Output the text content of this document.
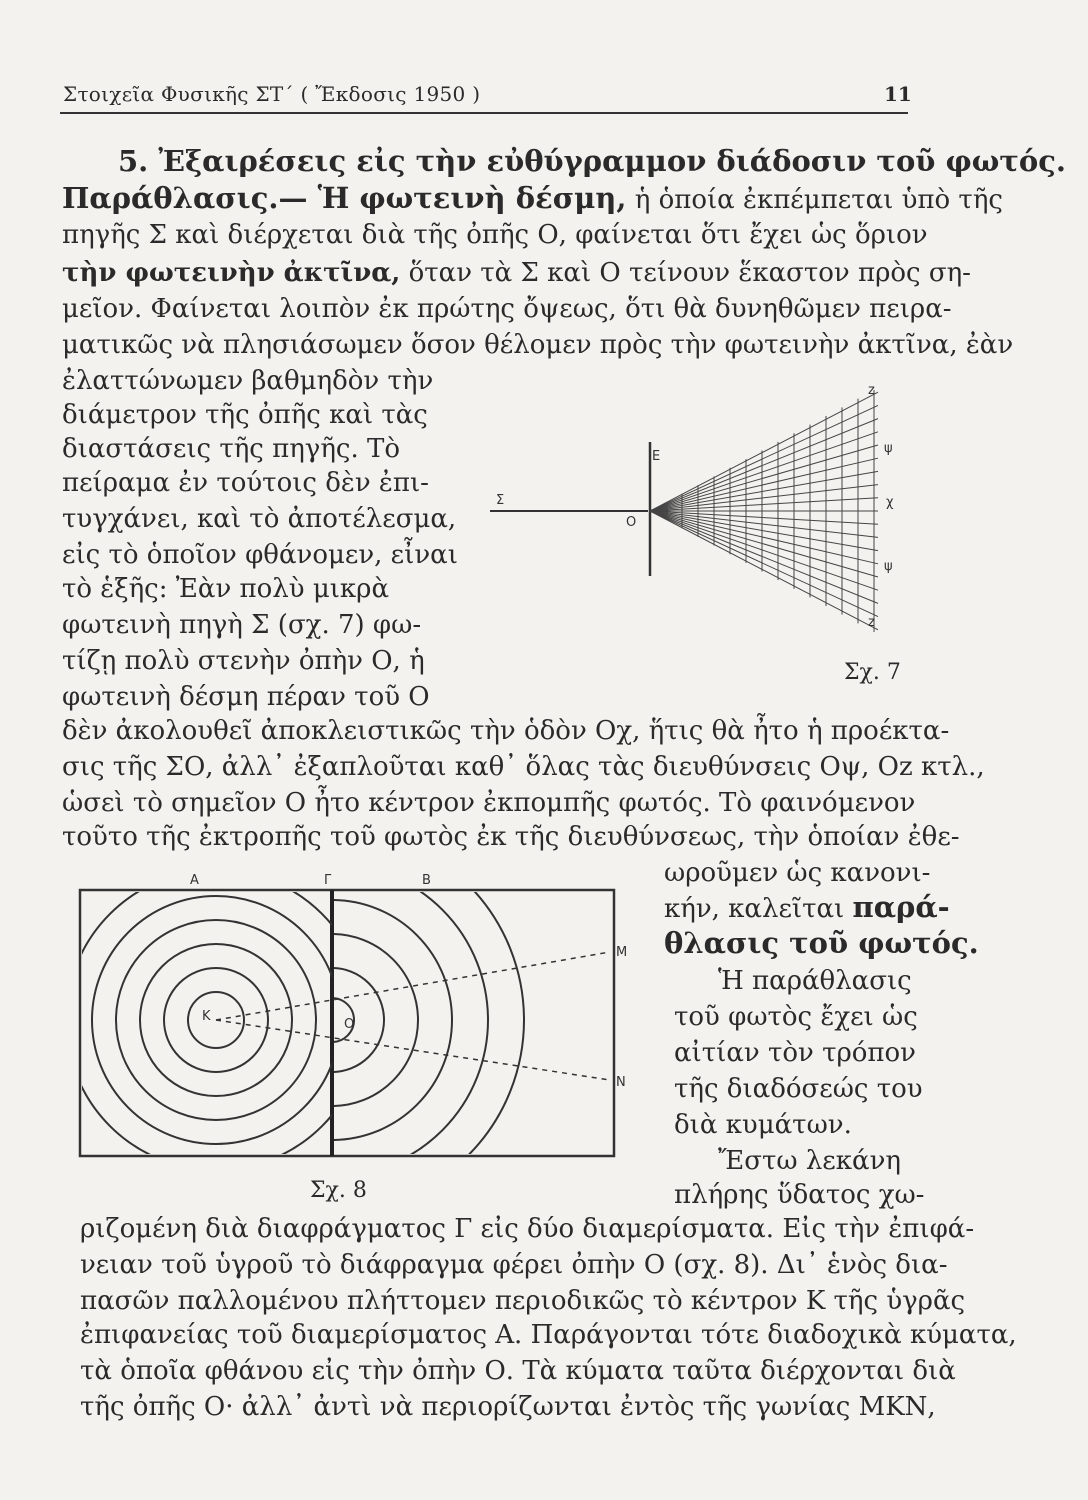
Στοιχεῖα Φυσικῆς ΣΤ΄ ( Ἔκδοσις 1950 )	11
5. Ἐξαιρέσεις εἰς τὴν εὐθύγραμμον διάδοσιν τοῦ φωτός.
Παράθλασις.— Ἡ φωτεινὴ δέσμη, ἡ ὁποία ἐκπέμπεται ὑπὸ τῆς
πηγῆς Σ καὶ διέρχεται διὰ τῆς ὀπῆς Ο, φαίνεται ὅτι ἔχει ὡς ὅριον
τὴν φωτεινὴν ἀκτῖνα, ὅταν τὰ Σ καὶ Ο τείνουν ἕκαστον πρὸς ση-
μεῖον. Φαίνεται λοιπὸν ἐκ πρώτης ὄψεως, ὅτι θὰ δυνηθῶμεν πειρα-
ματικῶς νὰ πλησιάσωμεν ὅσον θέλομεν πρὸς τὴν φωτεινὴν ἀκτῖνα, ἐὰν
ἐλαττώνωμεν βαθμηδὸν τὴν
διάμετρον τῆς ὀπῆς καὶ τὰς
διαστάσεις τῆς πηγῆς. Τὸ
πείραμα ἐν τούτοις δὲν ἐπι-
τυγχάνει, καὶ τὸ ἀποτέλεσμα,
εἰς τὸ ὁποῖον φθάνομεν, εἶναι
τὸ ἑξῆς: Ἐὰν πολὺ μικρὰ
φωτεινὴ πηγὴ Σ (σχ. 7) φω-
τίζῃ πολὺ στενὴν ὀπὴν Ο, ἡ
φωτεινὴ δέσμη πέραν τοῦ Ο
δὲν ἀκολουθεῖ ἀποκλειστικῶς τὴν ὁδὸν Οχ, ἥτις θὰ ἦτο ἡ προέκτα-
σις τῆς ΣΟ, ἀλλ᾿ ἐξαπλοῦται καθ᾿ ὅλας τὰς διευθύνσεις Οψ, Οz κτλ.,
ὡσεὶ τὸ σημεῖον Ο ἦτο κέντρον ἐκπομπῆς φωτός. Τὸ φαινόμενον
τοῦτο τῆς ἐκτροπῆς τοῦ φωτὸς ἐκ τῆς διευθύνσεως, τὴν ὁποίαν ἐθε-
ωροῦμεν ὡς κανονι-
κήν, καλεῖται παρά-
θλασις τοῦ φωτός.
Ἡ παράθλασις
τοῦ φωτὸς ἔχει ὡς
αἰτίαν τὸν τρόπον
τῆς διαδόσεώς του
διὰ κυμάτων.
Ἔστω λεκάνη
πλήρης ὕδατος χω-
ριζομένη διὰ διαφράγματος Γ εἰς δύο διαμερίσματα. Εἰς τὴν ἐπιφά-
νειαν τοῦ ὑγροῦ τὸ διάφραγμα φέρει ὀπὴν Ο (σχ. 8). Δι᾿ ἑνὸς δια-
πασῶν παλλομένου πλήττομεν περιοδικῶς τὸ κέντρον Κ τῆς ὑγρᾶς
ἐπιφανείας τοῦ διαμερίσματος Α. Παράγονται τότε διαδοχικὰ κύματα,
τὰ ὁποῖα φθάνου εἰς τὴν ὀπὴν Ο. Τὰ κύματα ταῦτα διέρχονται διὰ
τῆς ὀπῆς Ο· ἀλλ᾿ ἀντὶ νὰ περιορίζωνται ἐντὸς τῆς γωνίας ΜΚΝ,
Σ
Ε
Ο
z
ψ
χ
ψ
z
Σχ. 7
Α	Γ	Β
Κ
Ο
Μ
Ν
Σχ. 8
